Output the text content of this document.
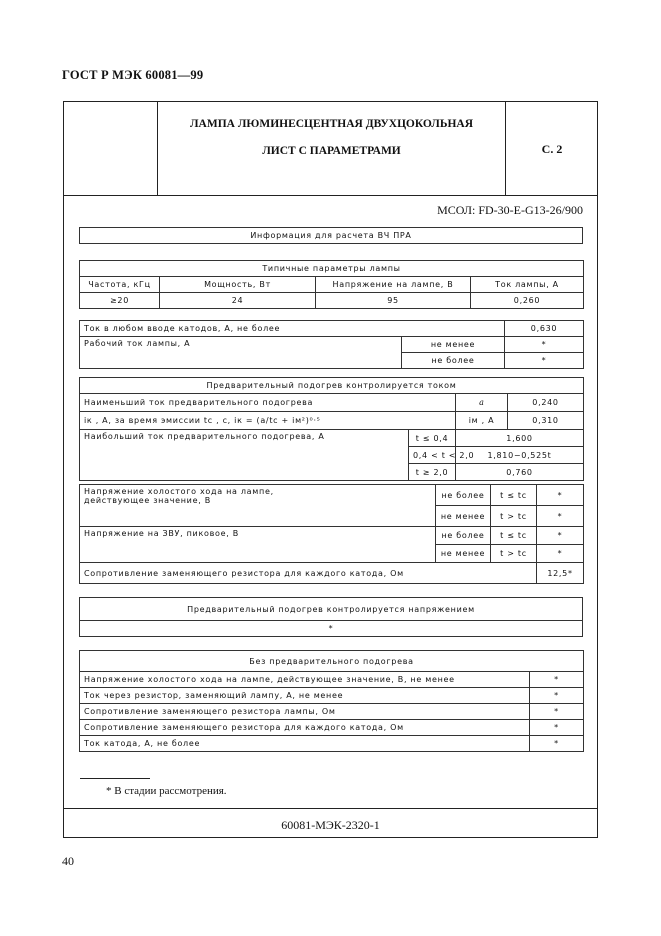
ГОСТ Р МЭК 60081—99
ЛАМПА ЛЮМИНЕСЦЕНТНАЯ ДВУХЦОКОЛЬНАЯ
ЛИСТ С ПАРАМЕТРАМИ	С. 2
МСОЛ: FD-30-E-G13-26/900
Информация для расчета ВЧ ПРА
Типичные параметры лампы			
Частота, кГц	Мощность, Вт	Напряжение на лампе, В	Ток лампы, А
≥20	24	95	0,260
Ток в любом вводе катодов, А, не более		0,630
Рабочий ток лампы, А	не менее	*
	не более	*
Предварительный подогрев контролируется током			
Наименьший ток предварительного подогрева		a	0,240
iк , А, за время эмиссии tс , с, iк = (a/tс + iм²)⁰·⁵		iм , А	0,310
Наибольший ток предварительного подогрева, А	t ≤ 0,4	1,600	
	0,4 < t < 2,0	1,810−0,525t	
	t ≥ 2,0	0,760	
Напряжение холостого хода на лампе,
действующее значение, В	не более	t ≤ tс	*
	не менее	t > tс	*
Напряжение на ЗВУ, пиковое, В	не более	t ≤ tс	*
	не менее	t > tс	*
Сопротивление заменяющего резистора для каждого катода, Ом			12,5*
Предварительный подогрев контролируется напряжением
*
Без предварительного подогрева	
Напряжение холостого хода на лампе, действующее значение, В, не менее	*
Ток через резистор, заменяющий лампу, А, не менее	*
Сопротивление заменяющего резистора лампы, Ом	*
Сопротивление заменяющего резистора для каждого катода, Ом	*
Ток катода, А, не более	*
* В стадии рассмотрения.
60081-МЭК-2320-1
40
